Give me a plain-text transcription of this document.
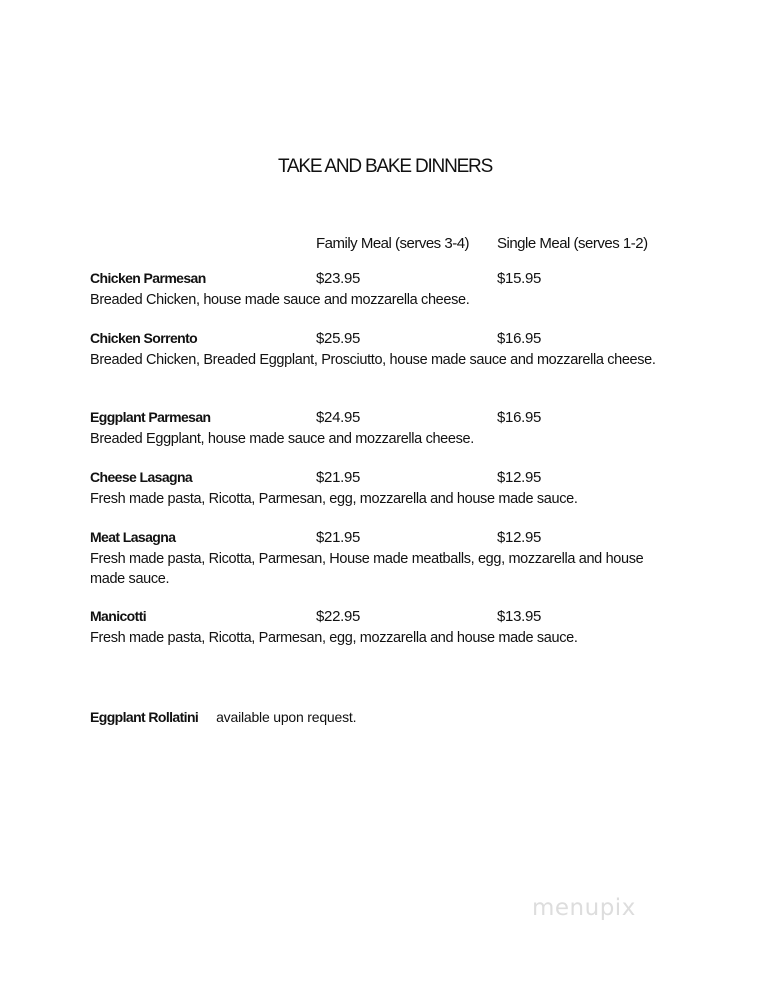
TAKE AND BAKE DINNERS
Family Meal (serves 3-4) Single Meal (serves 1-2)
Chicken Parmesan	$23.95	$15.95
Breaded Chicken, house made sauce and mozzarella cheese.
Chicken Sorrento	$25.95	$16.95
Breaded Chicken, Breaded Eggplant, Prosciutto, house made sauce and mozzarella cheese.
Eggplant Parmesan	$24.95	$16.95
Breaded Eggplant, house made sauce and mozzarella cheese.
Cheese Lasagna	$21.95	$12.95
Fresh made pasta, Ricotta, Parmesan, egg, mozzarella and house made sauce.
Meat Lasagna	$21.95	$12.95
Fresh made pasta, Ricotta, Parmesan, House made meatballs, egg, mozzarella and house made sauce.
Manicotti	$22.95	$13.95
Fresh made pasta, Ricotta, Parmesan, egg, mozzarella and house made sauce.
Eggplant Rollatini available upon request.
menupix
